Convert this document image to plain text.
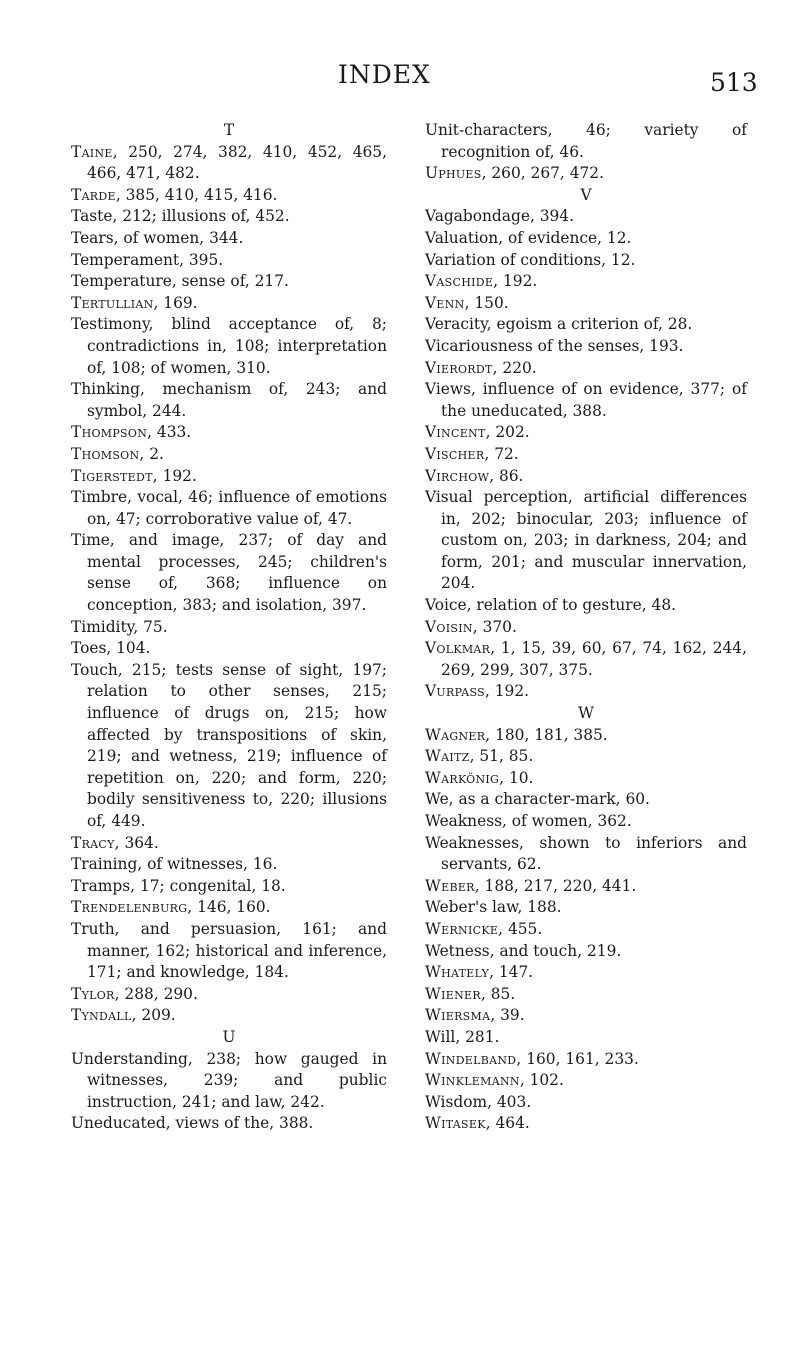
INDEX	513
T
Taine, 250, 274, 382, 410, 452, 465, 466, 471, 482.
Tarde, 385, 410, 415, 416.
Taste, 212; illusions of, 452.
Tears, of women, 344.
Temperament, 395.
Temperature, sense of, 217.
Tertullian, 169.
Testimony, blind acceptance of, 8; contradictions in, 108; interpretation of, 108; of women, 310.
Thinking, mechanism of, 243; and symbol, 244.
Thompson, 433.
Thomson, 2.
Tigerstedt, 192.
Timbre, vocal, 46; influence of emotions on, 47; corroborative value of, 47.
Time, and image, 237; of day and mental processes, 245; children's sense of, 368; influence on conception, 383; and isolation, 397.
Timidity, 75.
Toes, 104.
Touch, 215; tests sense of sight, 197; relation to other senses, 215; influence of drugs on, 215; how affected by transpositions of skin, 219; and wetness, 219; influence of repetition on, 220; and form, 220; bodily sensitiveness to, 220; illusions of, 449.
Tracy, 364.
Training, of witnesses, 16.
Tramps, 17; congenital, 18.
Trendelenburg, 146, 160.
Truth, and persuasion, 161; and manner, 162; historical and inference, 171; and knowledge, 184.
Tylor, 288, 290.
Tyndall, 209.
U
Understanding, 238; how gauged in witnesses, 239; and public instruction, 241; and law, 242.
Uneducated, views of the, 388.
Unit-characters, 46; variety of recognition of, 46.
Uphues, 260, 267, 472.
V
Vagabondage, 394.
Valuation, of evidence, 12.
Variation of conditions, 12.
Vaschide, 192.
Venn, 150.
Veracity, egoism a criterion of, 28.
Vicariousness of the senses, 193.
Vierordt, 220.
Views, influence of on evidence, 377; of the uneducated, 388.
Vincent, 202.
Vischer, 72.
Virchow, 86.
Visual perception, artificial differences in, 202; binocular, 203; influence of custom on, 203; in darkness, 204; and form, 201; and muscular innervation, 204.
Voice, relation of to gesture, 48.
Voisin, 370.
Volkmar, 1, 15, 39, 60, 67, 74, 162, 244, 269, 299, 307, 375.
Vurpass, 192.
W
Wagner, 180, 181, 385.
Waitz, 51, 85.
Warkönig, 10.
We, as a character-mark, 60.
Weakness, of women, 362.
Weaknesses, shown to inferiors and servants, 62.
Weber, 188, 217, 220, 441.
Weber's law, 188.
Wernicke, 455.
Wetness, and touch, 219.
Whately, 147.
Wiener, 85.
Wiersma, 39.
Will, 281.
Windelband, 160, 161, 233.
Winklemann, 102.
Wisdom, 403.
Witasek, 464.
